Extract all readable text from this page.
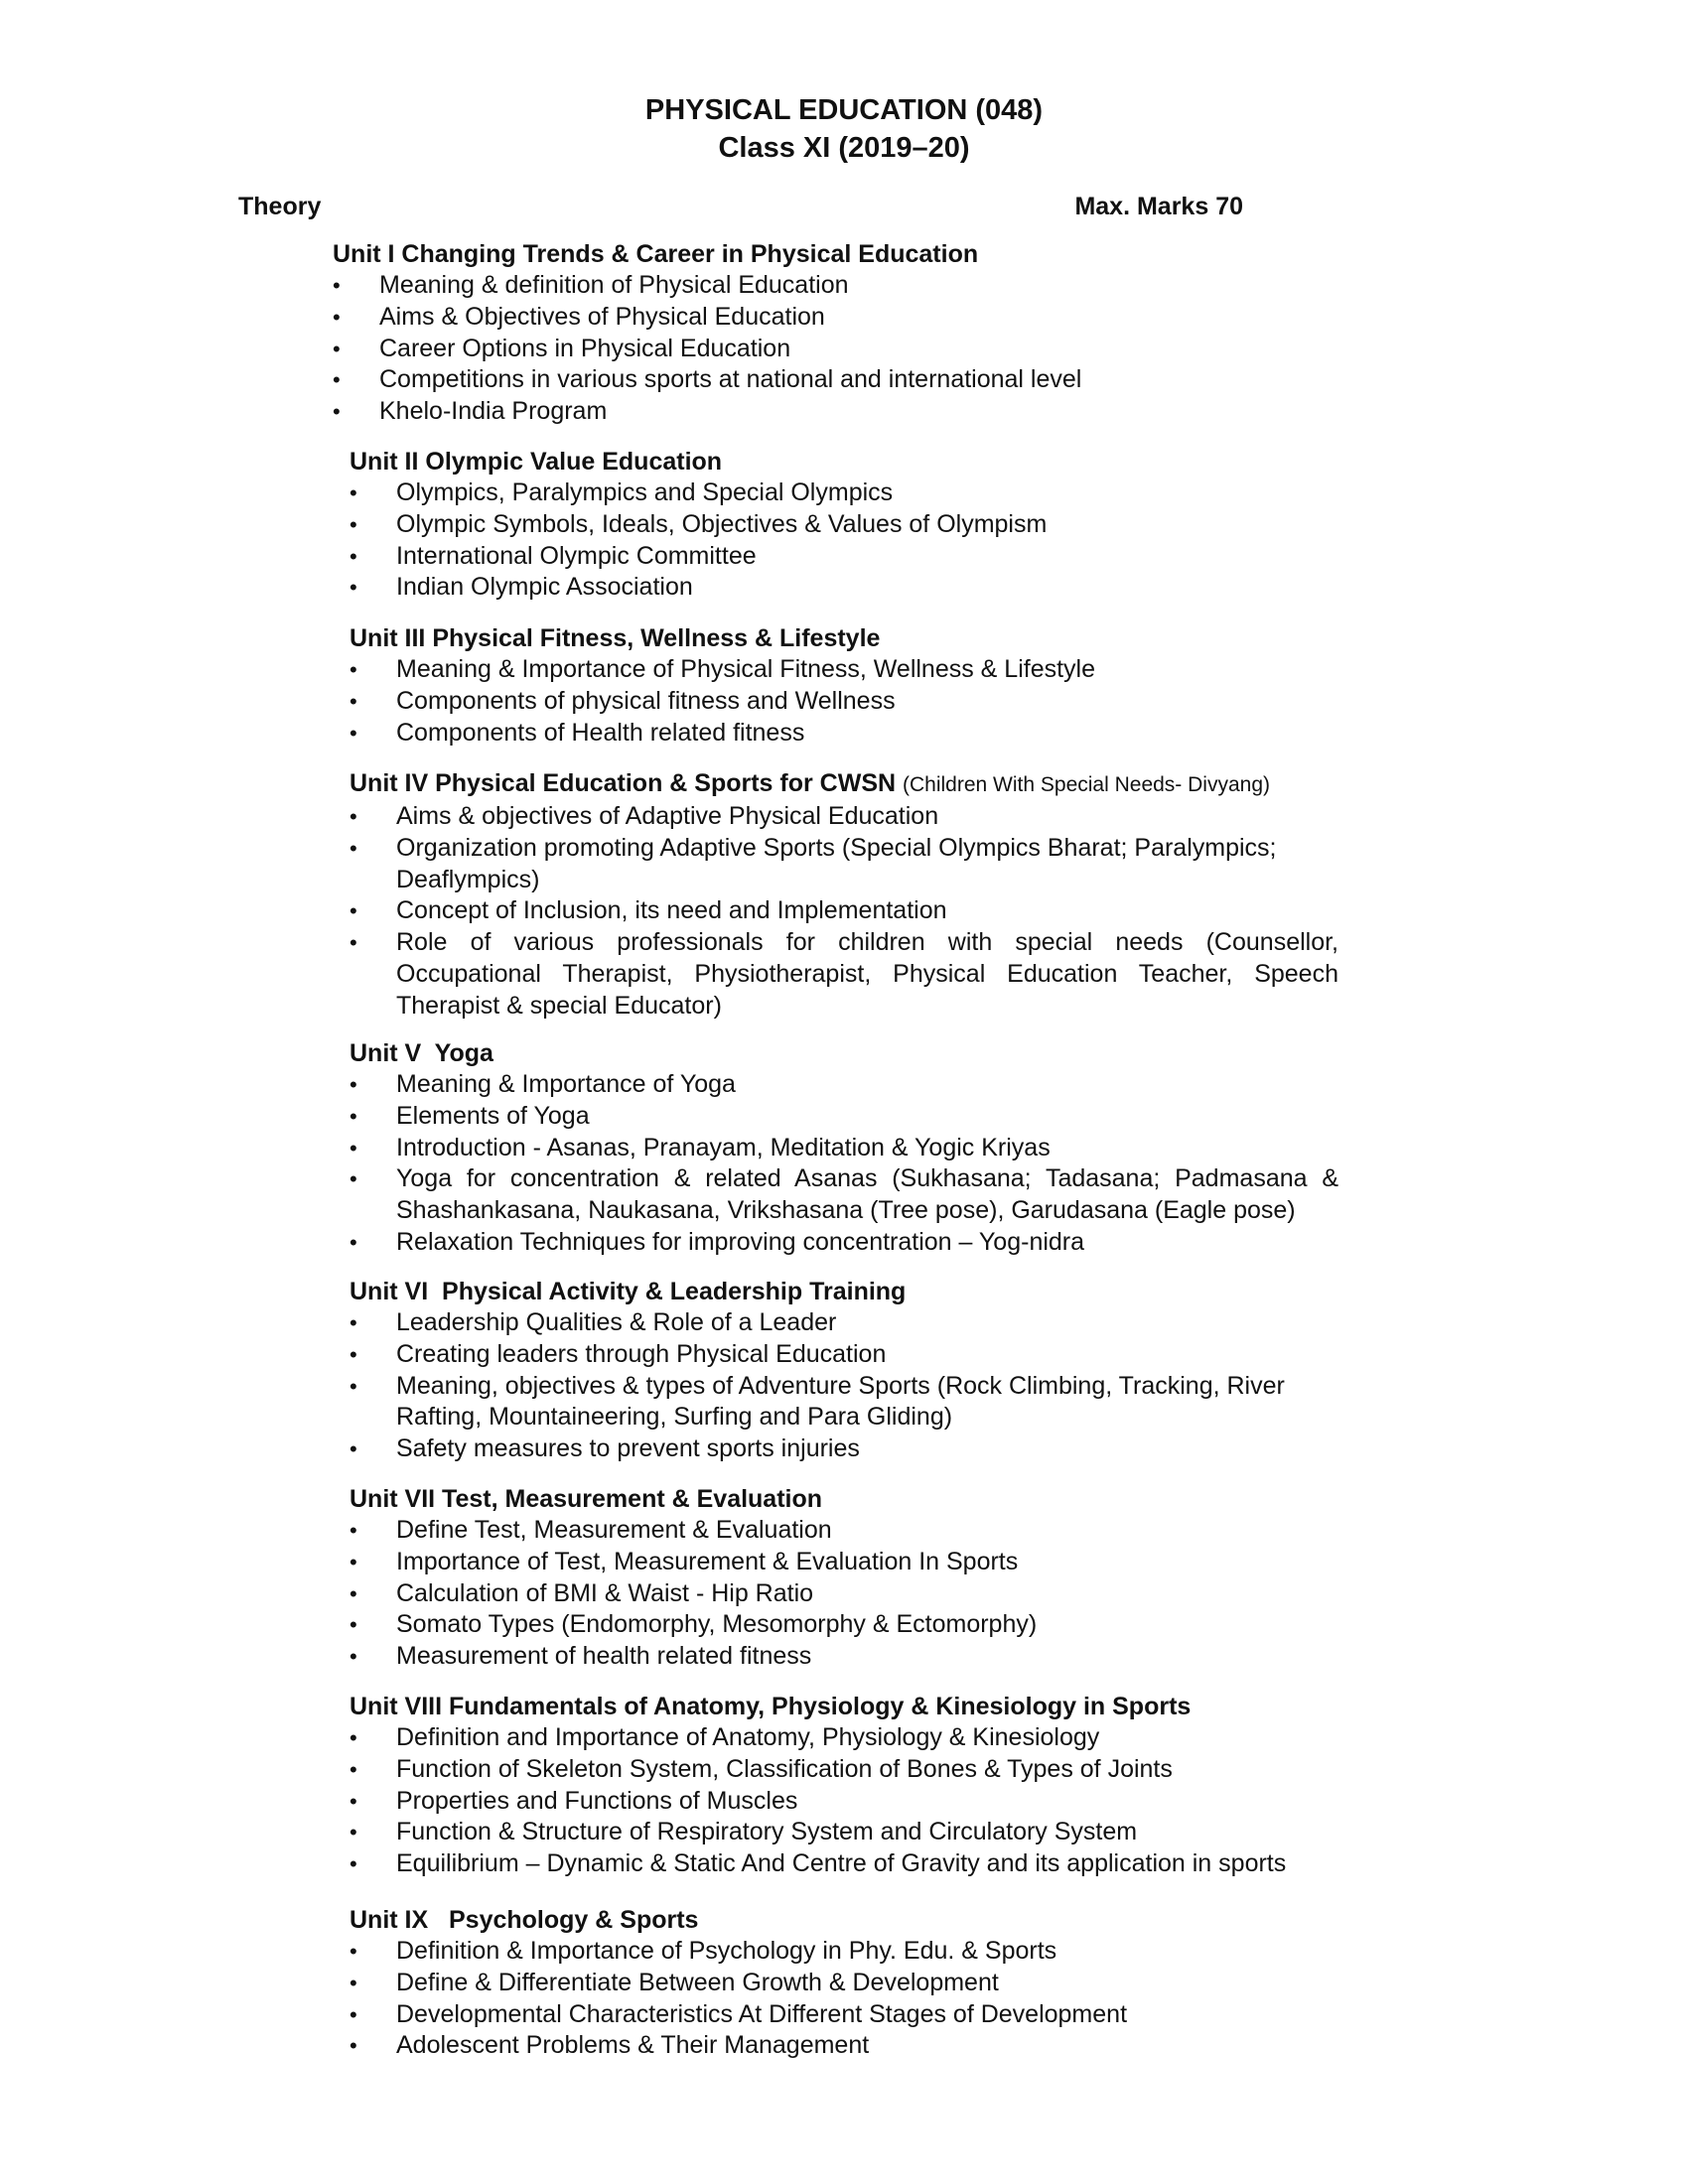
PHYSICAL EDUCATION (048)
Class XI (2019–20)
Theory	Max. Marks 70
Unit I Changing Trends & Career in Physical Education
•	Meaning & definition of Physical Education
•	Aims & Objectives of Physical Education
•	Career Options in Physical Education
•	Competitions in various sports at national and international level
•	Khelo-India Program
Unit II Olympic Value Education
•	Olympics, Paralympics and Special Olympics
•	Olympic Symbols, Ideals, Objectives & Values of Olympism
•	International Olympic Committee
•	Indian Olympic Association
Unit III Physical Fitness, Wellness & Lifestyle
•	Meaning & Importance of Physical Fitness, Wellness & Lifestyle
•	Components of physical fitness and Wellness
•	Components of Health related fitness
Unit IV Physical Education & Sports for CWSN (Children With Special Needs- Divyang)
•	Aims & objectives of Adaptive Physical Education
•	Organization promoting Adaptive Sports (Special Olympics Bharat; Paralympics; Deaflympics)
•	Concept of Inclusion, its need and Implementation
•	Role of various professionals for children with special needs (Counsellor, Occupational Therapist, Physiotherapist, Physical Education Teacher, Speech Therapist & special Educator)
Unit V  Yoga
•	Meaning & Importance of Yoga
•	Elements of Yoga
•	Introduction - Asanas, Pranayam, Meditation & Yogic Kriyas
•	Yoga for concentration & related Asanas (Sukhasana; Tadasana; Padmasana & Shashankasana, Naukasana, Vrikshasana (Tree pose), Garudasana (Eagle pose)
•	Relaxation Techniques for improving concentration – Yog-nidra
Unit VI  Physical Activity & Leadership Training
•	Leadership Qualities & Role of a Leader
•	Creating leaders through Physical Education
•	Meaning, objectives & types of Adventure Sports (Rock Climbing, Tracking, River Rafting, Mountaineering, Surfing and Para Gliding)
•	Safety measures to prevent sports injuries
Unit VII Test, Measurement & Evaluation
•	Define Test, Measurement & Evaluation
•	Importance of Test, Measurement & Evaluation In Sports
•	Calculation of BMI & Waist - Hip Ratio
•	Somato Types (Endomorphy, Mesomorphy & Ectomorphy)
•	Measurement of health related fitness
Unit VIII Fundamentals of Anatomy, Physiology & Kinesiology in Sports
•	Definition and Importance of Anatomy, Physiology & Kinesiology
•	Function of Skeleton System, Classification of Bones & Types of Joints
•	Properties and Functions of Muscles
•	Function & Structure of Respiratory System and Circulatory System
•	Equilibrium – Dynamic & Static And Centre of Gravity and its application in sports
Unit IX   Psychology & Sports
•	Definition & Importance of Psychology in Phy. Edu. & Sports
•	Define & Differentiate Between Growth & Development
•	Developmental Characteristics At Different Stages of Development
•	Adolescent Problems & Their Management
